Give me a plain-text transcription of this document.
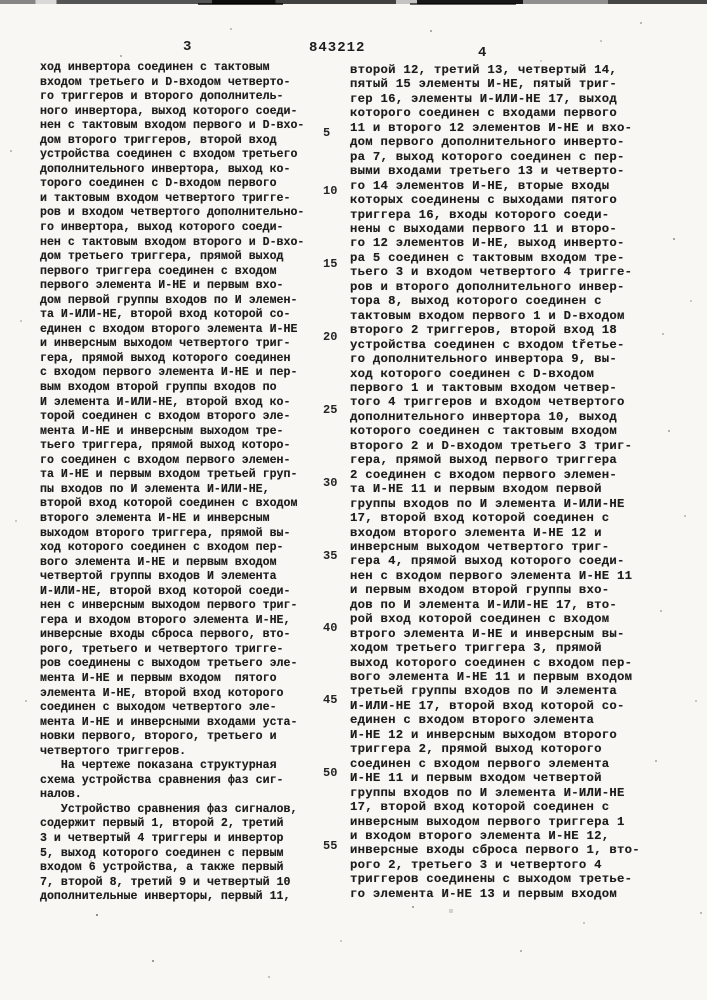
3	843212	4
ход инвертора соединен с тактовым
входом третьего и D-входом четверто-
го триггеров и второго дополнитель-
ного инвертора, выход которого соеди-
нен с тактовым входом первого и D-вхо-
дом второго триггеров, второй вход
устройства соединен с входом третьего
дополнительного инвертора, выход ко-
торого соединен с D-входом первого
и тактовым входом четвертого тригге-
ров и входом четвертого дополнительно-
го инвертора, выход которого соеди-
нен с тактовым входом второго и D-вхо-
дом третьего триггера, прямой выход
первого триггера соединен с входом
первого элемента И-НЕ и первым вхо-
дом первой группы входов по И элемен-
та И-ИЛИ-НЕ, второй вход которой со-
единен с входом второго элемента И-НЕ
и инверсным выходом четвертого триг-
гера, прямой выход которого соединен
с входом первого элемента И-НЕ и пер-
вым входом второй группы входов по
И элемента И-ИЛИ-НЕ, второй вход ко-
торой соединен с входом второго эле-
мента И-НЕ и инверсным выходом тре-
тьего триггера, прямой выход которо-
го соединен с входом первого элемен-
та И-НЕ и первым входом третьей груп-
пы входов по И элемента И-ИЛИ-НЕ,
второй вход которой соединен с входом
второго элемента И-НЕ и инверсным
выходом второго триггера, прямой вы-
ход которого соединен с входом пер-
вого элемента И-НЕ и первым входом
четвертой группы входов И элемента
И-ИЛИ-НЕ, второй вход которой соеди-
нен с инверсным выходом первого триг-
гера и входом второго элемента И-НЕ,
инверсные входы сброса первого, вто-
рого, третьего и четвертого тригге-
ров соединены с выходом третьего эле-
мента И-НЕ и первым входом  пятого
элемента И-НЕ, второй вход которого
соединен с выходом четвертого эле-
мента И-НЕ и инверсными входами уста-
новки первого, второго, третьего и
четвертого триггеров.
На чертеже показана структурная
схема устройства сравнения фаз сиг-
налов.
Устройство сравнения фаз сигналов,
содержит первый 1, второй 2, третий
3 и четвертый 4 триггеры и инвертор
5, выход которого соединен с первым
входом 6 устройства, а также первый
7, второй 8, третий 9 и четвертый 10
дополнительные инверторы, первый 11,
5
10
15
20
25
30
35
40
45
50
55
второй 12, третий 13, четвертый 14,
пятый 15 элементы И-НЕ, пятый триг-
гер 16, элементы И-ИЛИ-НЕ 17, выход
которого соединен с входами первого
11 и второго 12 элементов И-НЕ и вхо-
дом первого дополнительного инверто-
ра 7, выход которого соединен с пер-
выми входами третьего 13 и четверто-
го 14 элементов И-НЕ, вторые входы
которых соединены с выходами пятого
триггера 16, входы которого соеди-
нены с выходами первого 11 и второ-
го 12 элементов И-НЕ, выход инверто-
ра 5 соединен с тактовым входом тре-
тьего 3 и входом четвертого 4 тригге-
ров и второго дополнительного инвер-
тора 8, выход которого соединен с
тактовым входом первого 1 и D-входом
второго 2 триггеров, второй вход 18
устройства соединен с входом třетье-
го дополнительного инвертора 9, вы-
ход которого соединен с D-входом
первого 1 и тактовым входом четвер-
того 4 триггеров и входом четвертого
дополнительного инвертора 10, выход
которого соединен с тактовым входом
второго 2 и D-входом третьего 3 триг-
гера, прямой выход первого триггера
2 соединен с входом первого элемен-
та И-НЕ 11 и первым входом первой
группы входов по И элемента И-ИЛИ-НЕ
17, второй вход которой соединен с
входом второго элемента И-НЕ 12 и
инверсным выходом четвертого триг-
гера 4, прямой выход которого соеди-
нен с входом первого элемента И-НЕ 11
и первым входом второй группы вхо-
дов по И элемента И-ИЛИ-НЕ 17, вто-
рой вход которой соединен с входом
втрого элемента И-НЕ и инверсным вы-
ходом третьего триггера 3, прямой
выход которого соединен с входом пер-
вого элемента И-НЕ 11 и первым входом
третьей группы входов по И элемента
И-ИЛИ-НЕ 17, второй вход которой со-
единен с входом второго элемента
И-НЕ 12 и инверсным выходом второго
триггера 2, прямой выход которого
соединен с входом первого элемента
И-НЕ 11 и первым входом четвертой
группы входов по И элемента И-ИЛИ-НЕ
17, второй вход которой соединен с
инверсным выходом первого триггера 1
и входом второго элемента И-НЕ 12,
инверсные входы сброса первого 1, вто-
рого 2, третьего 3 и четвертого 4
триггеров соединены с выходом третье-
го элемента И-НЕ 13 и первым входом
